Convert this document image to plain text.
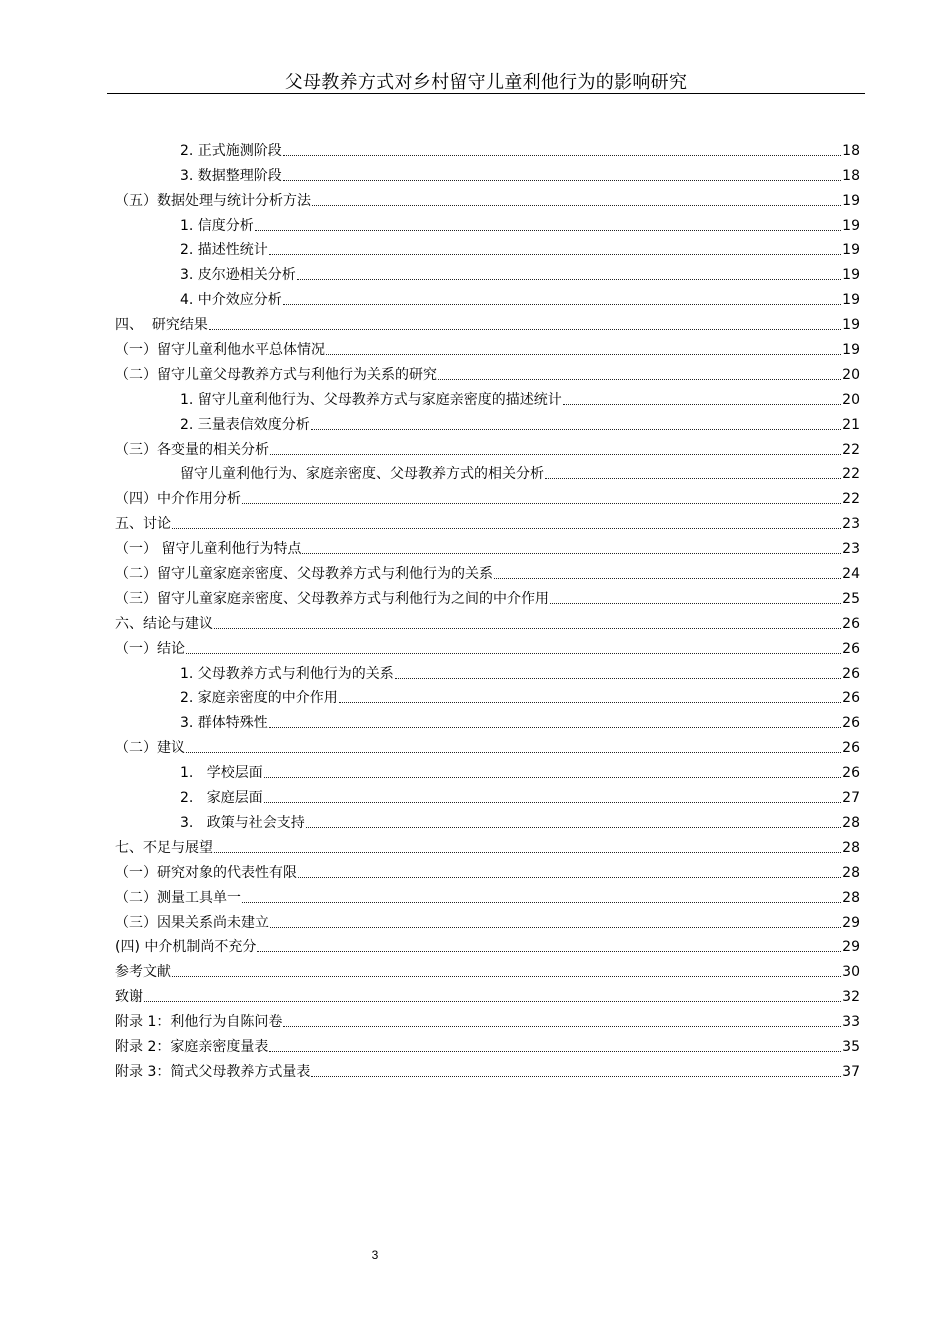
父母教养方式对乡村留守儿童利他行为的影响研究
2. 正式施测阶段	18
3. 数据整理阶段	18
（五）数据处理与统计分析方法	19
1. 信度分析	19
2. 描述性统计	19
3. 皮尔逊相关分析	19
4. 中介效应分析	19
四、  研究结果	19
（一）留守儿童利他水平总体情况	19
（二）留守儿童父母教养方式与利他行为关系的研究	20
1. 留守儿童利他行为、父母教养方式与家庭亲密度的描述统计	20
2. 三量表信效度分析	21
（三）各变量的相关分析	22
留守儿童利他行为、家庭亲密度、父母教养方式的相关分析	22
（四）中介作用分析	22
五、讨论	23
（一） 留守儿童利他行为特点	23
（二）留守儿童家庭亲密度、父母教养方式与利他行为的关系	24
（三）留守儿童家庭亲密度、父母教养方式与利他行为之间的中介作用	25
六、结论与建议	26
（一）结论	26
1. 父母教养方式与利他行为的关系	26
2. 家庭亲密度的中介作用	26
3. 群体特殊性	26
（二）建议	26
1.   学校层面	26
2.   家庭层面	27
3.   政策与社会支持	28
七、不足与展望	28
（一）研究对象的代表性有限	28
（二）测量工具单一	28
（三）因果关系尚未建立	29
(四) 中介机制尚不充分	29
参考文献	30
致谢	32
附录 1：利他行为自陈问卷	33
附录 2：家庭亲密度量表	35
附录 3：简式父母教养方式量表	37
3
